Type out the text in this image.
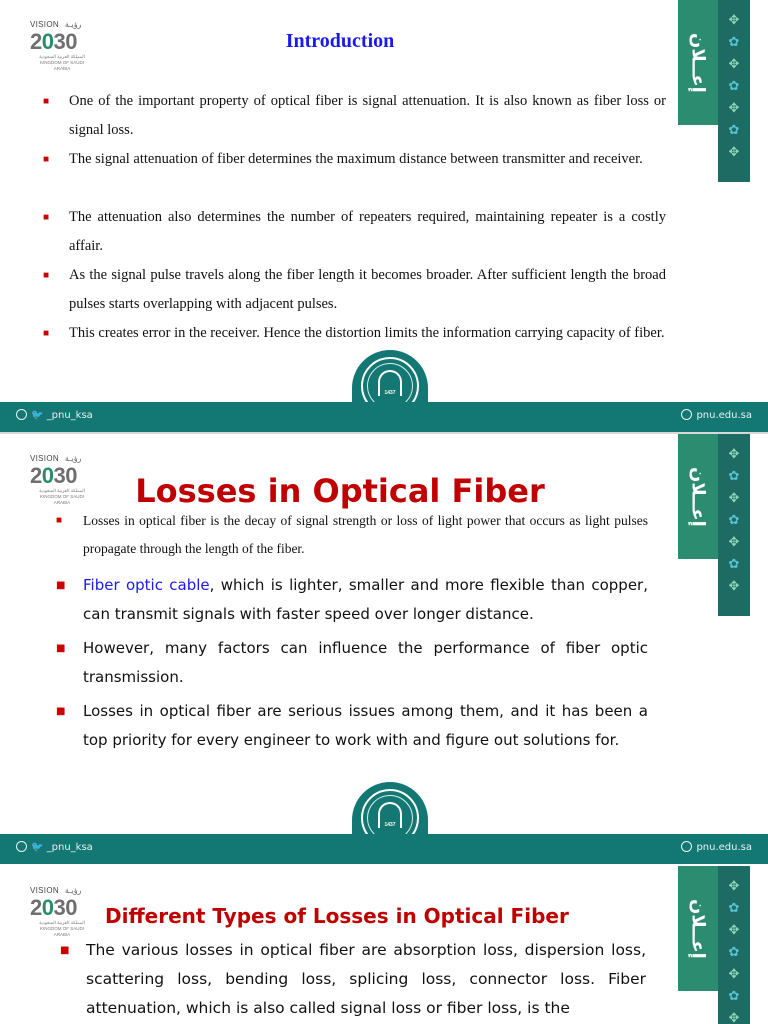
VISION رؤيـة
2030
المملكة العربية السعودية
KINGDOM OF SAUDI ARABIA	إعــلان
✥
✿
✥
✿
✥
✿
✥
Introduction
■ One of the important property of optical fiber is signal attenuation. It is also known as fiber loss or signal loss.
■ The signal attenuation of fiber determines the maximum distance between transmitter and receiver.
■ The attenuation also determines the number of repeaters required, maintaining repeater is a costly affair.
■ As the signal pulse travels along the fiber length it becomes broader. After sufficient length the broad pulses starts overlapping with adjacent pulses.
■ This creates error in the receiver. Hence the distortion limits the information carrying capacity of fiber.
1437
🐦 _pnu_ksa	pnu.edu.sa
VISION رؤيـة
2030
المملكة العربية السعودية
KINGDOM OF SAUDI ARABIA	إعــلان
✥
✿
✥
✿
✥
✿
✥
Losses in Optical Fiber
■ Losses in optical fiber is the decay of signal strength or loss of light power that occurs as light pulses propagate through the length of the fiber.
■ Fiber optic cable, which is lighter, smaller and more flexible than copper, can transmit signals with faster speed over longer distance.
■ However, many factors can influence the performance of fiber optic transmission.
■ Losses in optical fiber are serious issues among them, and it has been a top priority for every engineer to work with and figure out solutions for.
1437
🐦 _pnu_ksa	pnu.edu.sa
VISION رؤيـة
2030
المملكة العربية السعودية
KINGDOM OF SAUDI ARABIA	إعــلان
✥
✿
✥
✿
✥
✿
✥
Different Types of Losses in Optical Fiber
■ The various losses in optical fiber are absorption loss, dispersion loss, scattering loss, bending loss, splicing loss, connector loss. Fiber attenuation, which is also called signal loss or fiber loss, is the
